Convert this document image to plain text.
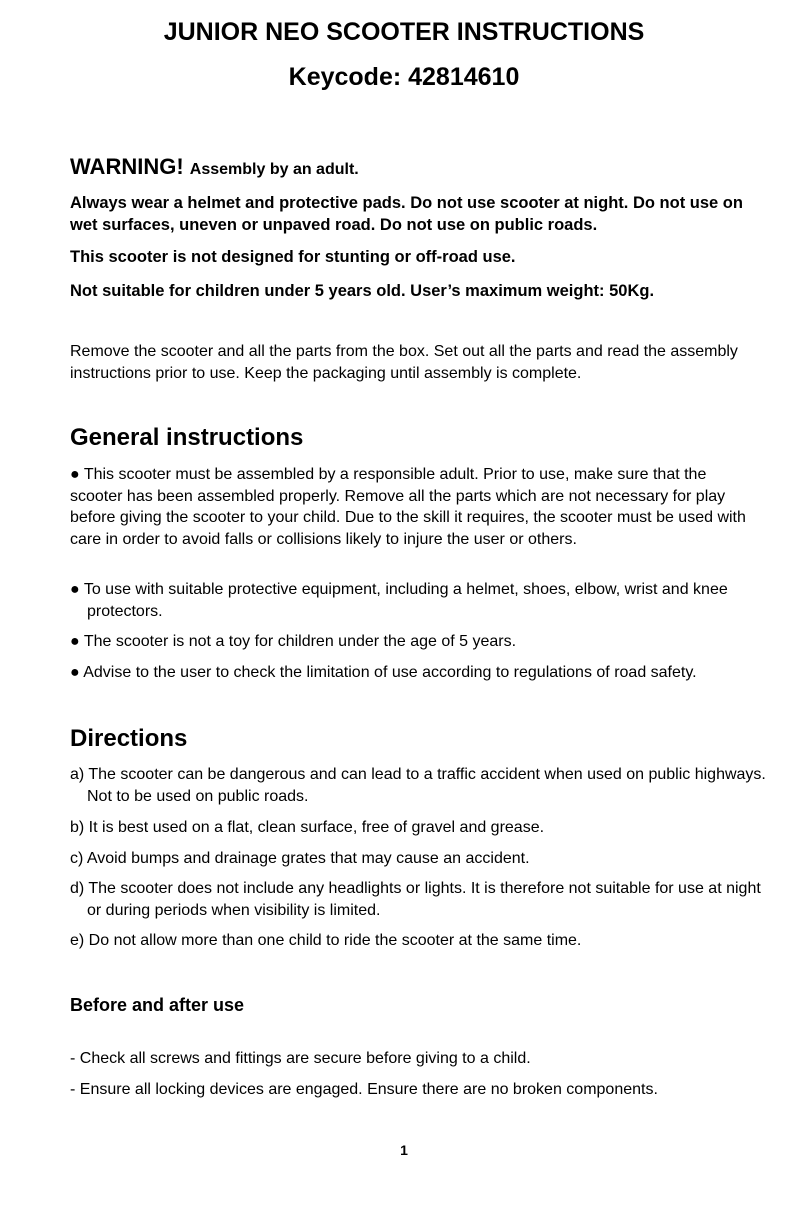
JUNIOR NEO SCOOTER INSTRUCTIONS
Keycode: 42814610

WARNING! Assembly by an adult.

Always wear a helmet and protective pads. Do not use scooter at night. Do not use on wet surfaces, uneven or unpaved road. Do not use on public roads.

This scooter is not designed for stunting or off-road use.

Not suitable for children under 5 years old. User’s maximum weight: 50Kg.

Remove the scooter and all the parts from the box. Set out all the parts and read the assembly instructions prior to use. Keep the packaging until assembly is complete.

General instructions

● This scooter must be assembled by a responsible adult. Prior to use, make sure that the scooter has been assembled properly. Remove all the parts which are not necessary for play before giving the scooter to your child. Due to the skill it requires, the scooter must be used with care in order to avoid falls or collisions likely to injure the user or others.

● To use with suitable protective equipment, including a helmet, shoes, elbow, wrist and knee protectors.

● The scooter is not a toy for children under the age of 5 years.

● Advise to the user to check the limitation of use according to regulations of road safety.

Directions

a) The scooter can be dangerous and can lead to a traffic accident when used on public highways. Not to be used on public roads.

b) It is best used on a flat, clean surface, free of gravel and grease.

c) Avoid bumps and drainage grates that may cause an accident.

d) The scooter does not include any headlights or lights. It is therefore not suitable for use at night or during periods when visibility is limited.

e) Do not allow more than one child to ride the scooter at the same time.

Before and after use

- Check all screws and fittings are secure before giving to a child.

- Ensure all locking devices are engaged. Ensure there are no broken components.

1
